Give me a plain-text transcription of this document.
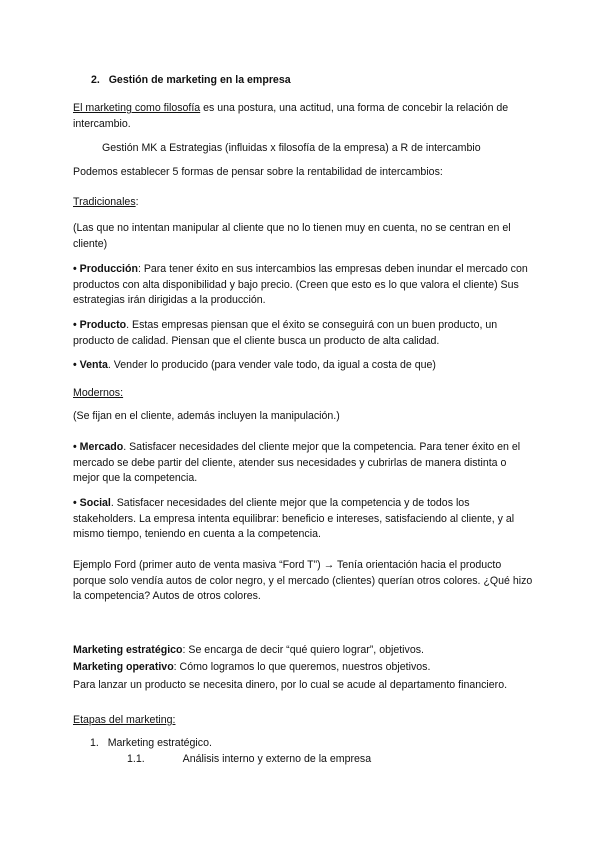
2. Gestión de marketing en la empresa

El marketing como filosofía es una postura, una actitud, una forma de concebir la relación de intercambio.

Gestión MK a Estrategias (influidas x filosofía de la empresa) a R de intercambio

Podemos establecer 5 formas de pensar sobre la rentabilidad de intercambios:

Tradicionales:

(Las que no intentan manipular al cliente que no lo tienen muy en cuenta, no se centran en el cliente)

• Producción: Para tener éxito en sus intercambios las empresas deben inundar el mercado con productos con alta disponibilidad y bajo precio. (Creen que esto es lo que valora el cliente) Sus estrategias irán dirigidas a la producción.

• Producto. Estas empresas piensan que el éxito se conseguirá con un buen producto, un producto de calidad. Piensan que el cliente busca un producto de alta calidad.

• Venta. Vender lo producido (para vender vale todo, da igual a costa de que)

Modernos:

(Se fijan en el cliente, además incluyen la manipulación.)

• Mercado. Satisfacer necesidades del cliente mejor que la competencia. Para tener éxito en el mercado se debe partir del cliente, atender sus necesidades y cubrirlas de manera distinta o mejor que la competencia.

• Social. Satisfacer necesidades del cliente mejor que la competencia y de todos los stakeholders. La empresa intenta equilibrar: beneficio e intereses, satisfaciendo al cliente, y al mismo tiempo, teniendo en cuenta a la competencia.

Ejemplo Ford (primer auto de venta masiva “Ford T”) → Tenía orientación hacia el producto porque solo vendía autos de color negro, y el mercado (clientes) querían otros colores. ¿Qué hizo la competencia? Autos de otros colores.

Marketing estratégico: Se encarga de decir “qué quiero lograr”, objetivos.

Marketing operativo: Cómo logramos lo que queremos, nuestros objetivos.

Para lanzar un producto se necesita dinero, por lo cual se acude al departamento financiero.

Etapas del marketing:

1. Marketing estratégico.

1.1.	Análisis interno y externo de la empresa
